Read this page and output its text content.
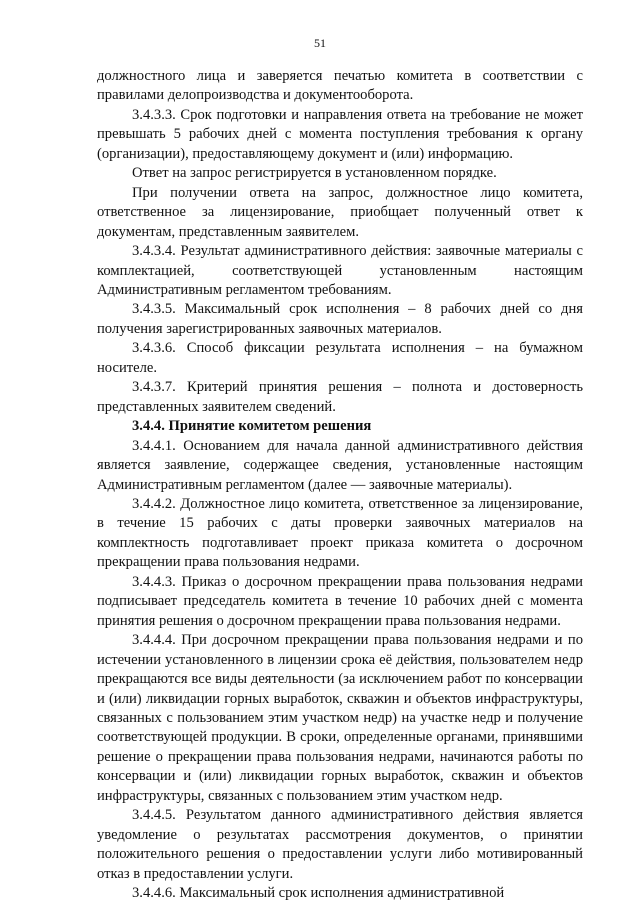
51

должностного лица и заверяется печатью комитета в соответствии с правилами делопроизводства и документооборота.

3.4.3.3. Срок подготовки и направления ответа на требование не может превышать 5 рабочих дней с момента поступления требования к органу (организации), предоставляющему документ и (или) информацию.

Ответ на запрос регистрируется в установленном порядке.

При получении ответа на запрос, должностное лицо комитета, ответственное за лицензирование, приобщает полученный ответ к документам, представленным заявителем.

3.4.3.4. Результат административного действия: заявочные материалы с комплектацией, соответствующей установленным настоящим Административным регламентом требованиям.

3.4.3.5. Максимальный срок исполнения – 8 рабочих дней со дня получения зарегистрированных заявочных материалов.

3.4.3.6. Способ фиксации результата исполнения – на бумажном носителе.

3.4.3.7. Критерий принятия решения – полнота и достоверность представленных заявителем сведений.

3.4.4. Принятие комитетом решения

3.4.4.1. Основанием для начала данной административного действия является заявление, содержащее сведения, установленные настоящим Административным регламентом (далее — заявочные материалы).

3.4.4.2. Должностное лицо комитета, ответственное за лицензирование, в течение 15 рабочих с даты проверки заявочных материалов на комплектность подготавливает проект приказа комитета о досрочном прекращении права пользования недрами.

3.4.4.3. Приказ о досрочном прекращении права пользования недрами подписывает председатель комитета в течение 10 рабочих дней с момента принятия решения о досрочном прекращении права пользования недрами.

3.4.4.4. При досрочном прекращении права пользования недрами и по истечении установленного в лицензии срока её действия, пользователем недр прекращаются все виды деятельности (за исключением работ по консервации и (или) ликвидации горных выработок, скважин и объектов инфраструктуры, связанных с пользованием этим участком недр) на участке недр и получение соответствующей продукции. В сроки, определенные органами, принявшими решение о прекращении права пользования недрами, начинаются работы по консервации и (или) ликвидации горных выработок, скважин и объектов инфраструктуры, связанных с пользованием этим участком недр.

3.4.4.5. Результатом данного административного действия является уведомление о результатах рассмотрения документов, о принятии положительного решения о предоставлении услуги либо мотивированный отказ в предоставлении услуги.

3.4.4.6. Максимальный срок исполнения административной
